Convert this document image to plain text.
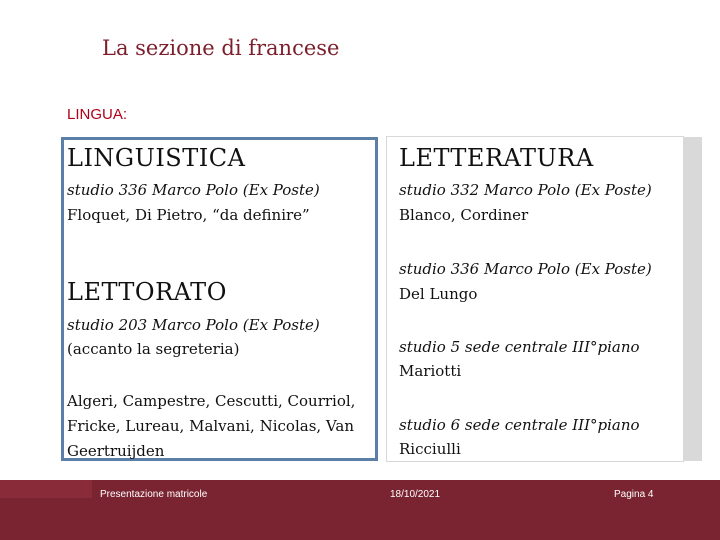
La sezione di francese
LINGUA:
LINGUISTICA
studio 336 Marco Polo (Ex Poste)
Floquet, Di Pietro, “da definire”
LETTORATO
studio 203 Marco Polo (Ex Poste)
(accanto la segreteria)
Algeri, Campestre, Cescutti, Courriol,
Fricke, Lureau, Malvani, Nicolas, Van
Geertruijden
LETTERATURA
studio 332 Marco Polo (Ex Poste)
Blanco, Cordiner
studio 336 Marco Polo (Ex Poste)
Del Lungo
studio 5 sede centrale III°piano
Mariotti
studio 6 sede centrale III°piano
Ricciulli
Presentazione matricole	18/10/2021	Pagina 4
